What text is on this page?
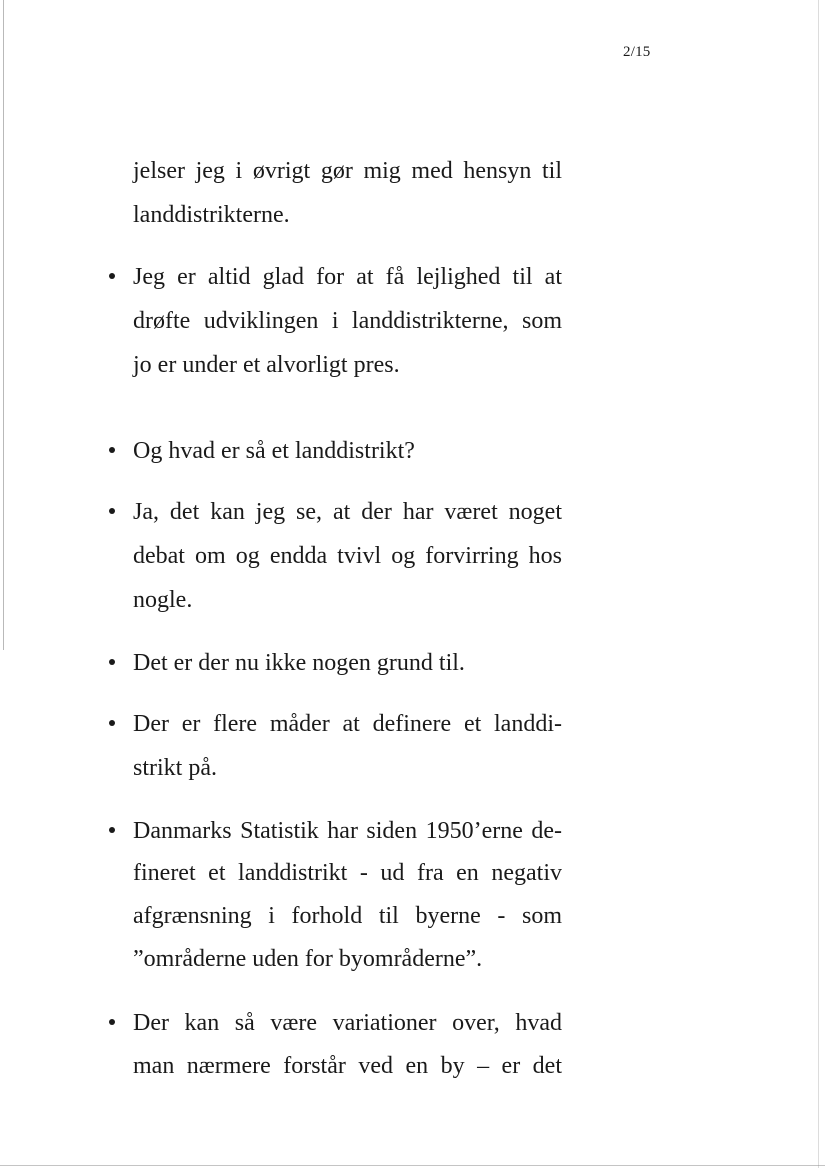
2/15
jelser jeg i øvrigt gør mig med hensyn til
landdistrikterne.
Jeg er altid glad for at få lejlighed til at
drøfte udviklingen i landdistrikterne, som
jo er under et alvorligt pres.
Og hvad er så et landdistrikt?
Ja, det kan jeg se, at der har været noget
debat om og endda tvivl og forvirring hos
nogle.
Det er der nu ikke nogen grund til.
Der er flere måder at definere et landdi-
strikt på.
Danmarks Statistik har siden 1950’erne de-
fineret et landdistrikt - ud fra en negativ
afgrænsning i forhold til byerne - som
”områderne uden for byområderne”.
Der kan så være variationer over, hvad
man nærmere forstår ved en by – er det
